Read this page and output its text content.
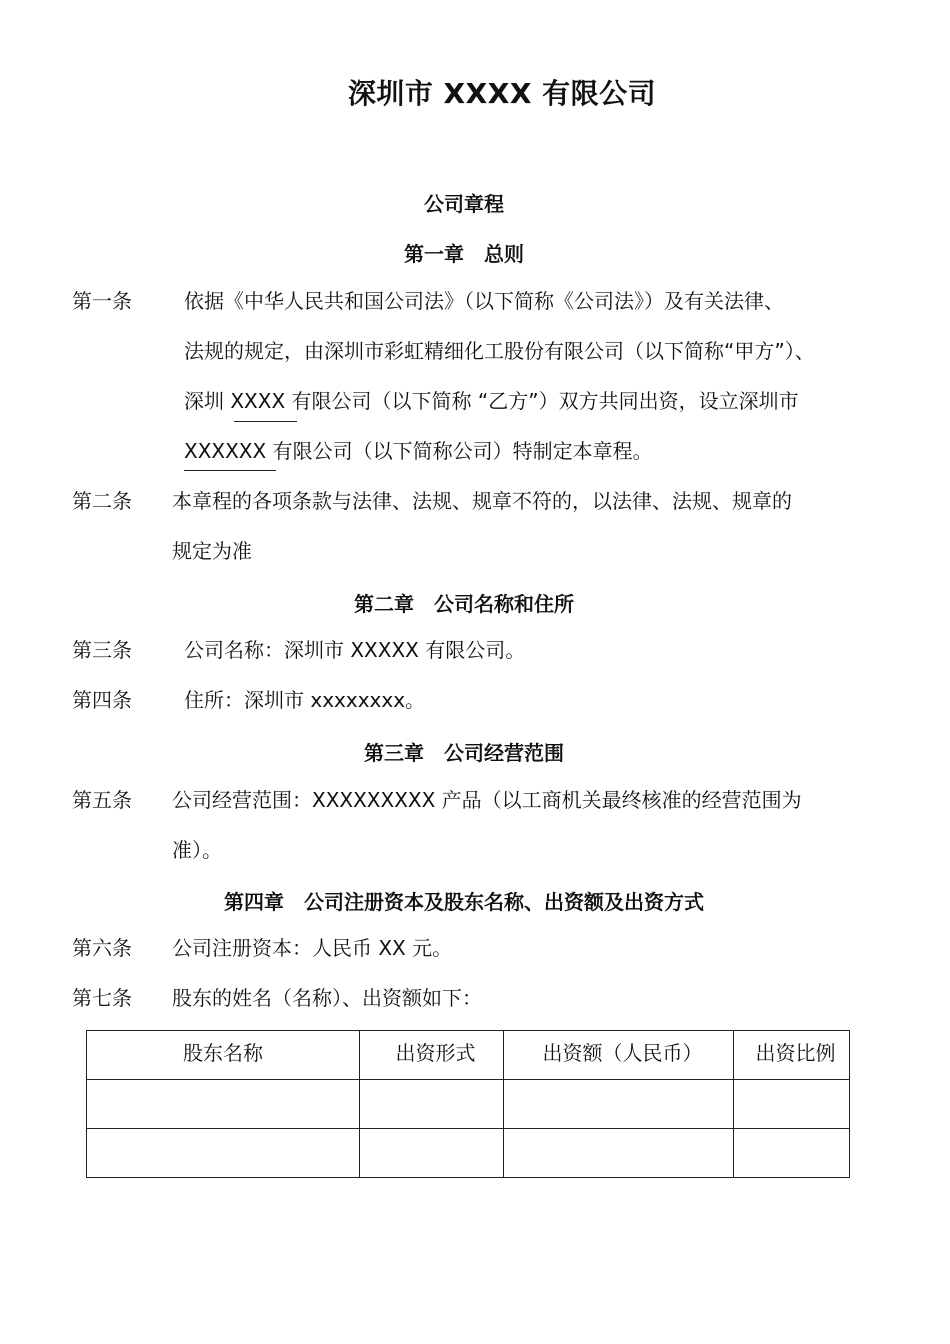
深圳市 XXXX 有限公司
公司章程
第一章　总则
第一条	依据《中华人民共和国公司法》（以下简称《公司法》）及有关法律、
法规的规定，由深圳市彩虹精细化工股份有限公司（以下简称“甲方”）、
深圳 XXXX 有限公司（以下简称 “乙方”）双方共同出资，设立深圳市
XXXXXX 有限公司（以下简称公司）特制定本章程。
第二条 本章程的各项条款与法律、法规、规章不符的，以法律、法规、规章的
规定为准
第二章　公司名称和住所
第三条	公司名称：深圳市 XXXXX 有限公司。
第四条	住所：深圳市 xxxxxxxx。
第三章　公司经营范围
第五条 公司经营范围：XXXXXXXXX 产品（以工商机关最终核准的经营范围为
准）。
第四章　公司注册资本及股东名称、出资额及出资方式
第六条 公司注册资本：人民币 XX 元。
第七条 股东的姓名（名称）、出资额如下：
股东名称	出资形式	出资额（人民币）	出资比例
